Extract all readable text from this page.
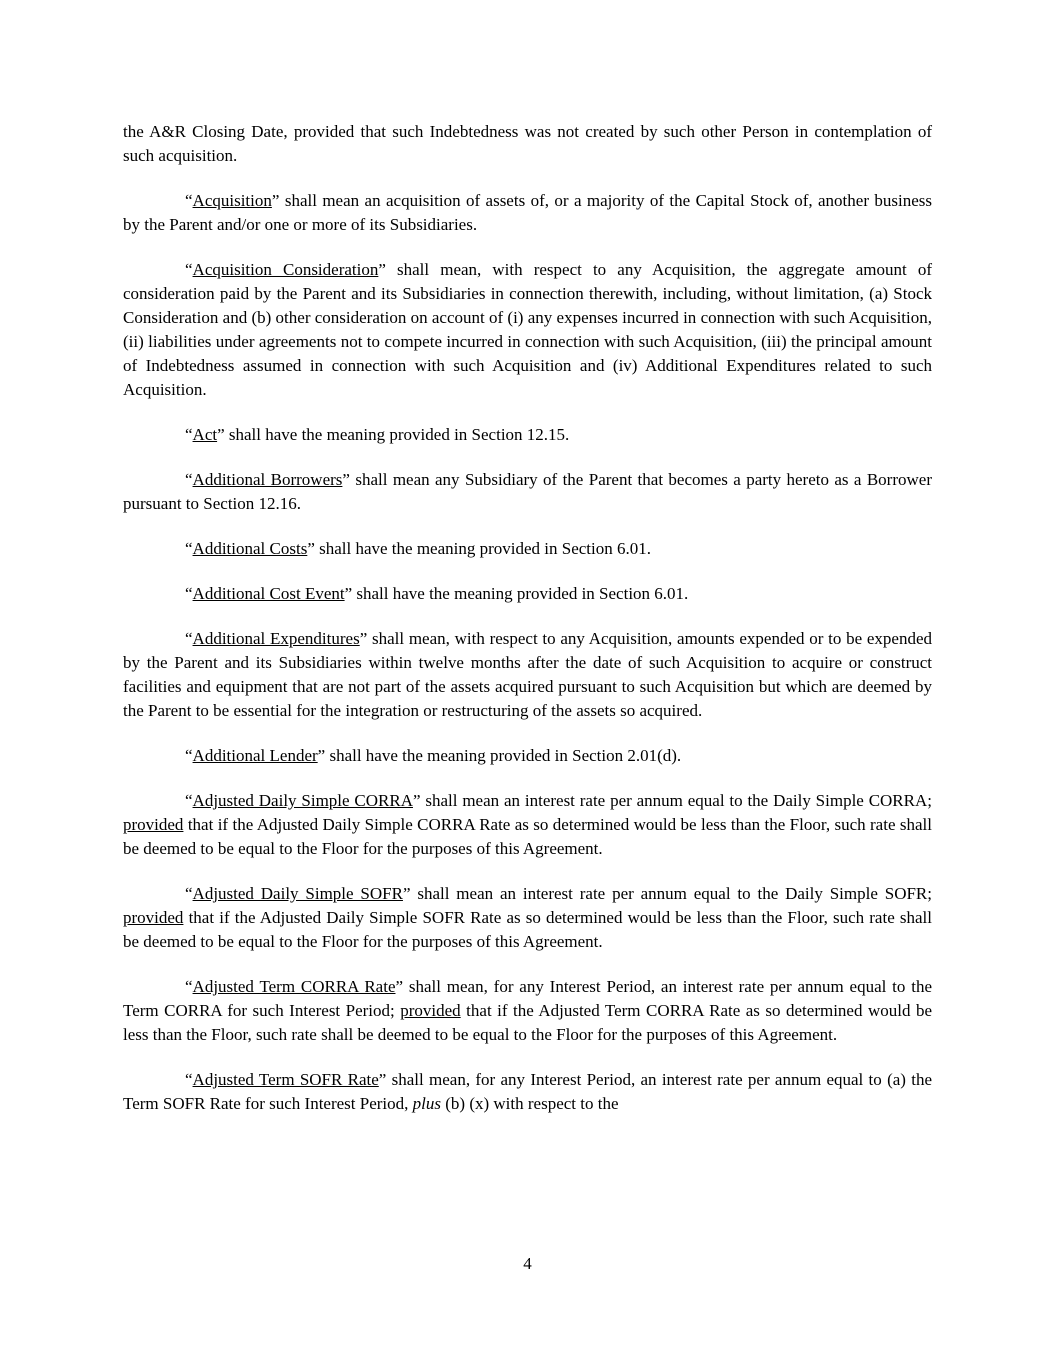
the A&R Closing Date, provided that such Indebtedness was not created by such other Person in contemplation of such acquisition.

“Acquisition” shall mean an acquisition of assets of, or a majority of the Capital Stock of, another business by the Parent and/or one or more of its Subsidiaries.

“Acquisition Consideration” shall mean, with respect to any Acquisition, the aggregate amount of consideration paid by the Parent and its Subsidiaries in connection therewith, including, without limitation, (a) Stock Consideration and (b) other consideration on account of (i) any expenses incurred in connection with such Acquisition, (ii) liabilities under agreements not to compete incurred in connection with such Acquisition, (iii) the principal amount of Indebtedness assumed in connection with such Acquisition and (iv) Additional Expenditures related to such Acquisition.

“Act” shall have the meaning provided in Section 12.15.

“Additional Borrowers” shall mean any Subsidiary of the Parent that becomes a party hereto as a Borrower pursuant to Section 12.16.

“Additional Costs” shall have the meaning provided in Section 6.01.

“Additional Cost Event” shall have the meaning provided in Section 6.01.

“Additional Expenditures” shall mean, with respect to any Acquisition, amounts expended or to be expended by the Parent and its Subsidiaries within twelve months after the date of such Acquisition to acquire or construct facilities and equipment that are not part of the assets acquired pursuant to such Acquisition but which are deemed by the Parent to be essential for the integration or restructuring of the assets so acquired.

“Additional Lender” shall have the meaning provided in Section 2.01(d).

“Adjusted Daily Simple CORRA” shall mean an interest rate per annum equal to the Daily Simple CORRA; provided that if the Adjusted Daily Simple CORRA Rate as so determined would be less than the Floor, such rate shall be deemed to be equal to the Floor for the purposes of this Agreement.

“Adjusted Daily Simple SOFR” shall mean an interest rate per annum equal to the Daily Simple SOFR; provided that if the Adjusted Daily Simple SOFR Rate as so determined would be less than the Floor, such rate shall be deemed to be equal to the Floor for the purposes of this Agreement.

“Adjusted Term CORRA Rate” shall mean, for any Interest Period, an interest rate per annum equal to the Term CORRA for such Interest Period; provided that if the Adjusted Term CORRA Rate as so determined would be less than the Floor, such rate shall be deemed to be equal to the Floor for the purposes of this Agreement.

“Adjusted Term SOFR Rate” shall mean, for any Interest Period, an interest rate per annum equal to (a) the Term SOFR Rate for such Interest Period, plus (b) (x) with respect to the

4
